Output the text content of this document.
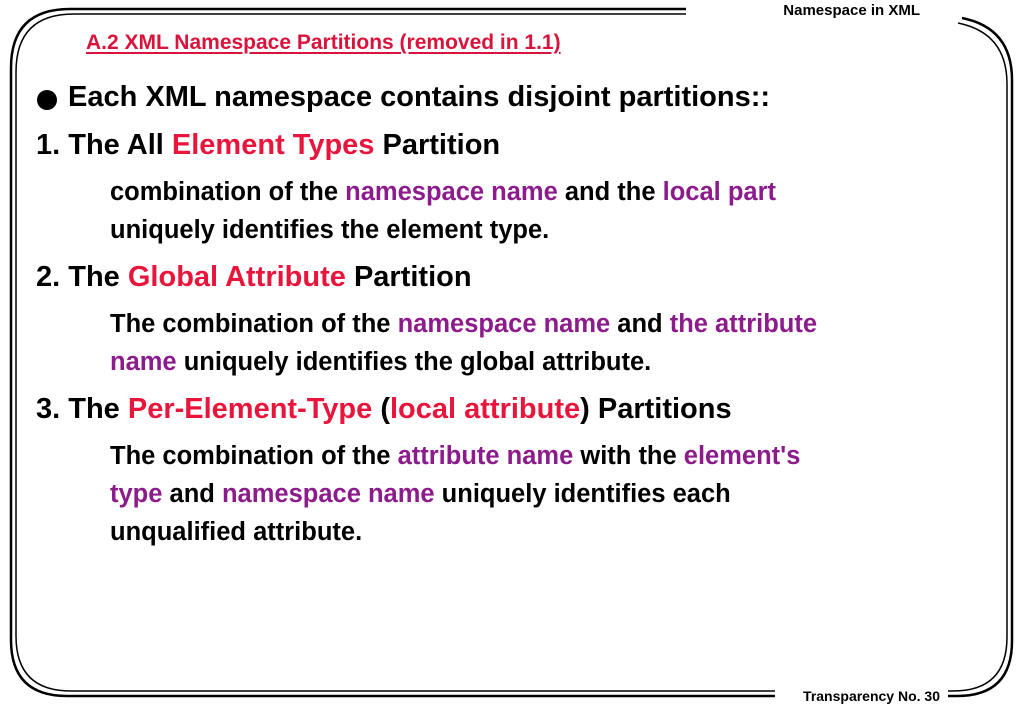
Namespace in XML
A.2 XML Namespace Partitions (removed in 1.1)
Each XML namespace contains disjoint partitions::
1. The All Element Types Partition
combination of the namespace name and the local part
uniquely identifies the element type.
2. The Global Attribute Partition
The combination of the namespace name and the attribute
name uniquely identifies the global attribute.
3. The Per-Element-Type (local attribute) Partitions
The combination of the attribute name with the element's
type and namespace name uniquely identifies each
unqualified attribute.
Transparency No. 30
